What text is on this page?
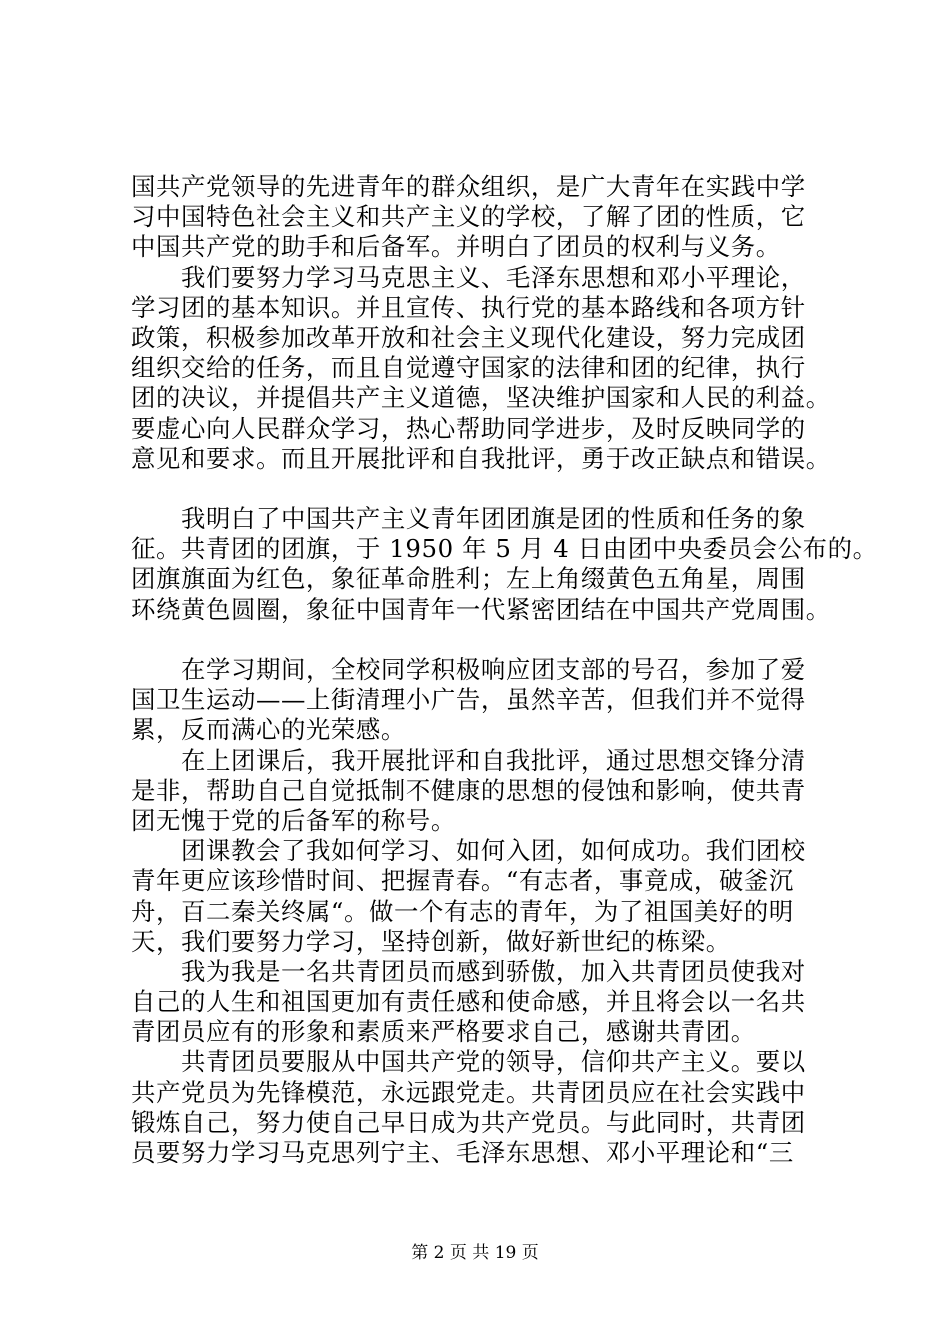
国共产党领导的先进青年的群众组织，是广大青年在实践中学
习中国特色社会主义和共产主义的学校，了解了团的性质，它
中国共产党的助手和后备军。并明白了团员的权利与义务。
我们要努力学习马克思主义、毛泽东思想和邓小平理论，
学习团的基本知识。并且宣传、执行党的基本路线和各项方针
政策，积极参加改革开放和社会主义现代化建设，努力完成团
组织交给的任务，而且自觉遵守国家的法律和团的纪律，执行
团的决议，并提倡共产主义道德，坚决维护国家和人民的利益。
要虚心向人民群众学习，热心帮助同学进步，及时反映同学的
意见和要求。而且开展批评和自我批评，勇于改正缺点和错误。
我明白了中国共产主义青年团团旗是团的性质和任务的象
征。共青团的团旗，于 1950 年 5 月 4 日由团中央委员会公布的。
团旗旗面为红色，象征革命胜利；左上角缀黄色五角星，周围
环绕黄色圆圈，象征中国青年一代紧密团结在中国共产党周围。
在学习期间，全校同学积极响应团支部的号召，参加了爱
国卫生运动——上街清理小广告，虽然辛苦，但我们并不觉得
累，反而满心的光荣感。
在上团课后，我开展批评和自我批评，通过思想交锋分清
是非，帮助自己自觉抵制不健康的思想的侵蚀和影响，使共青
团无愧于党的后备军的称号。
团课教会了我如何学习、如何入团，如何成功。我们团校
青年更应该珍惜时间、把握青春。“有志者，事竟成，破釜沉
舟，百二秦关终属“。做一个有志的青年，为了祖国美好的明
天，我们要努力学习，坚持创新，做好新世纪的栋梁。
我为我是一名共青团员而感到骄傲，加入共青团员使我对
自己的人生和祖国更加有责任感和使命感，并且将会以一名共
青团员应有的形象和素质来严格要求自己，感谢共青团。
共青团员要服从中国共产党的领导，信仰共产主义。要以
共产党员为先锋模范，永远跟党走。共青团员应在社会实践中
锻炼自己，努力使自己早日成为共产党员。与此同时，共青团
员要努力学习马克思列宁主、毛泽东思想、邓小平理论和“三
第 2 页 共 19 页
